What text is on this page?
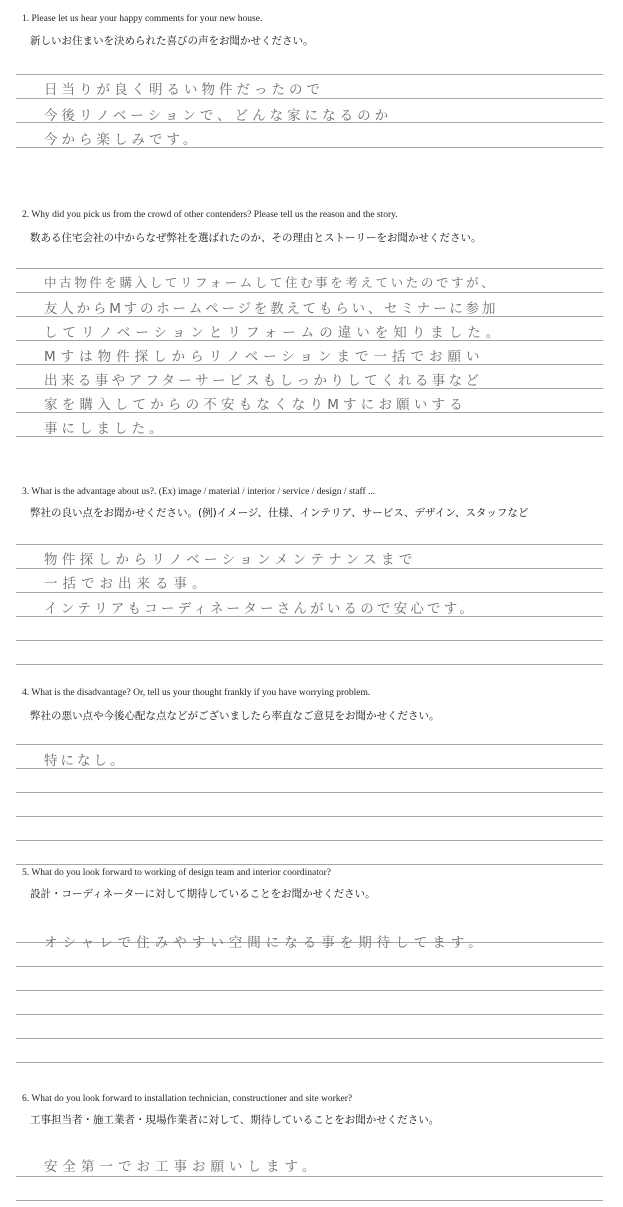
1. Please let us hear your happy comments for your new house.
新しいお住まいを決められた喜びの声をお聞かせください。
日当りが良く明るい物件だったので
今後リノベーションで、どんな家になるのか
今から楽しみです。
2. Why did you pick us from the crowd of other contenders? Please tell us the reason and the story.
数ある住宅会社の中からなぜ弊社を選ばれたのか、その理由とストーリーをお聞かせください。
中古物件を購入してリフォームして住む事を考えていたのですが、
友人からMすのホームページを教えてもらい、セミナーに参加
してリノベーションとリフォームの違いを知りました。
Mすは物件探しからリノベーションまで一括でお願い
出来る事やアフターサービスもしっかりしてくれる事など
家を購入してからの不安もなくなりMすにお願いする
事にしました。
3. What is the advantage about us?. (Ex) image / material / interior / service / design / staff ...
弊社の良い点をお聞かせください。(例)イメージ、仕様、インテリア、サービス、デザイン、スタッフなど
物件探しからリノベーションメンテナンスまで
一括でお出来る事。
インテリアもコーディネーターさんがいるので安心です。
4. What is the disadvantage? Or, tell us your thought frankly if you have worrying problem.
弊社の悪い点や今後心配な点などがございましたら率直なご意見をお聞かせください。
特になし。
5. What do you look forward to working of design team and interior coordinator?
設計・コーディネーターに対して期待していることをお聞かせください。
オシャレで住みやすい空間になる事を期待してます。
6. What do you look forward to installation technician, constructioner and site worker?
工事担当者・施工業者・現場作業者に対して、期待していることをお聞かせください。
安全第一でお工事お願いします。
